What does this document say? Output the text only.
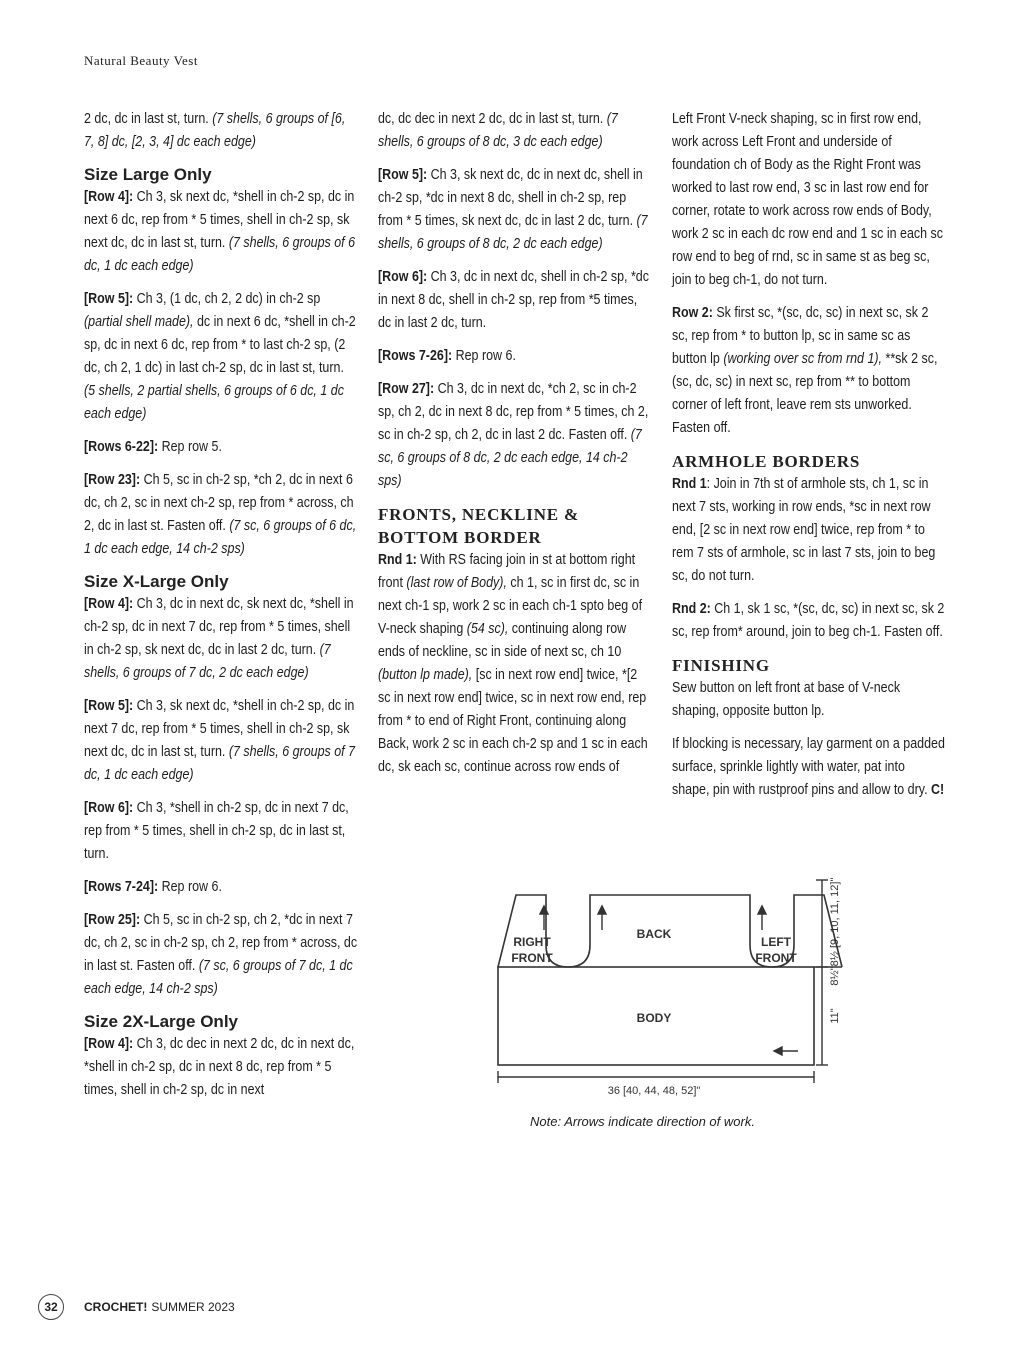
Natural Beauty Vest

2 dc, dc in last st, turn. (7 shells, 6 groups of [6, 7, 8] dc, [2, 3, 4] dc each edge)

Size Large Only

[Row 4]: Ch 3, sk next dc, *shell in ch-2 sp, dc in next 6 dc, rep from * 5 times, shell in ch-2 sp, sk next dc, dc in last st, turn. (7 shells, 6 groups of 6 dc, 1 dc each edge)

[Row 5]: Ch 3, (1 dc, ch 2, 2 dc) in ch-2 sp (partial shell made), dc in next 6 dc, *shell in ch-2 sp, dc in next 6 dc, rep from * to last ch-2 sp, (2 dc, ch 2, 1 dc) in last ch-2 sp, dc in last st, turn. (5 shells, 2 partial shells, 6 groups of 6 dc, 1 dc each edge)

[Rows 6-22]: Rep row 5.

[Row 23]: Ch 5, sc in ch-2 sp, *ch 2, dc in next 6 dc, ch 2, sc in next ch-2 sp, rep from * across, ch 2, dc in last st. Fasten off. (7 sc, 6 groups of 6 dc, 1 dc each edge, 14 ch-2 sps)

Size X-Large Only

[Row 4]: Ch 3, dc in next dc, sk next dc, *shell in ch-2 sp, dc in next 7 dc, rep from * 5 times, shell in ch-2 sp, sk next dc, dc in last 2 dc, turn. (7 shells, 6 groups of 7 dc, 2 dc each edge)

[Row 5]: Ch 3, sk next dc, *shell in ch-2 sp, dc in next 7 dc, rep from * 5 times, shell in ch-2 sp, sk next dc, dc in last st, turn. (7 shells, 6 groups of 7 dc, 1 dc each edge)

[Row 6]: Ch 3, *shell in ch-2 sp, dc in next 7 dc, rep from * 5 times, shell in ch-2 sp, dc in last st, turn.

[Rows 7-24]: Rep row 6.

[Row 25]: Ch 5, sc in ch-2 sp, ch 2, *dc in next 7 dc, ch 2, sc in ch-2 sp, ch 2, rep from * across, dc in last st. Fasten off. (7 sc, 6 groups of 7 dc, 1 dc each edge, 14 ch-2 sps)

Size 2X-Large Only

[Row 4]: Ch 3, dc dec in next 2 dc, dc in next dc, *shell in ch-2 sp, dc in next 8 dc, rep from * 5 times, shell in ch-2 sp, dc in next

dc, dc dec in next 2 dc, dc in last st, turn. (7 shells, 6 groups of 8 dc, 3 dc each edge)

[Row 5]: Ch 3, sk next dc, dc in next dc, shell in ch-2 sp, *dc in next 8 dc, shell in ch-2 sp, rep from * 5 times, sk next dc, dc in last 2 dc, turn. (7 shells, 6 groups of 8 dc, 2 dc each edge)

[Row 6]: Ch 3, dc in next dc, shell in ch-2 sp, *dc in next 8 dc, shell in ch-2 sp, rep from *5 times, dc in last 2 dc, turn.

[Rows 7-26]: Rep row 6.

[Row 27]: Ch 3, dc in next dc, *ch 2, sc in ch-2 sp, ch 2, dc in next 8 dc, rep from * 5 times, ch 2, sc in ch-2 sp, ch 2, dc in last 2 dc. Fasten off. (7 sc, 6 groups of 8 dc, 2 dc each edge, 14 ch-2 sps)

FRONTS, NECKLINE & BOTTOM BORDER

Rnd 1: With RS facing join in st at bottom right front (last row of Body), ch 1, sc in first dc, sc in next ch-1 sp, work 2 sc in each ch-1 spto beg of V-neck shaping (54 sc), continuing along row ends of neckline, sc in side of next sc, ch 10 (button lp made), [sc in next row end] twice, *[2 sc in next row end] twice, sc in next row end, rep from * to end of Right Front, continuing along Back, work 2 sc in each ch-2 sp and 1 sc in each dc, sk each sc, continue across row ends of

Left Front V-neck shaping, sc in first row end, work across Left Front and underside of foundation ch of Body as the Right Front was worked to last row end, 3 sc in last row end for corner, rotate to work across row ends of Body, work 2 sc in each dc row end and 1 sc in each sc row end to beg of rnd, sc in same st as beg sc, join to beg ch-1, do not turn.

Row 2: Sk first sc, *(sc, dc, sc) in next sc, sk 2 sc, rep from * to button lp, sc in same sc as button lp (working over sc from rnd 1), **sk 2 sc, (sc, dc, sc) in next sc, rep from ** to bottom corner of left front, leave rem sts unworked. Fasten off.

ARMHOLE BORDERS

Rnd 1: Join in 7th st of armhole sts, ch 1, sc in next 7 sts, working in row ends, *sc in next row end, [2 sc in next row end] twice, rep from * to rem 7 sts of armhole, sc in last 7 sts, join to beg sc, do not turn.

Rnd 2: Ch 1, sk 1 sc, *(sc, dc, sc) in next sc, sk 2 sc, rep from* around, join to beg ch-1. Fasten off.

FINISHING

Sew button on left front at base of V-neck shaping, opposite button lp.

If blocking is necessary, lay garment on a padded surface, sprinkle lightly with water, pat into shape, pin with rustproof pins and allow to dry. C!

BACK
RIGHT
FRONT
LEFT
FRONT
BODY
36 [40, 44, 48, 52]"
8½ [9, 10, 11, 12]"
8½"
11"
Note: Arrows indicate direction of work.
32	CROCHET! SUMMER 2023
